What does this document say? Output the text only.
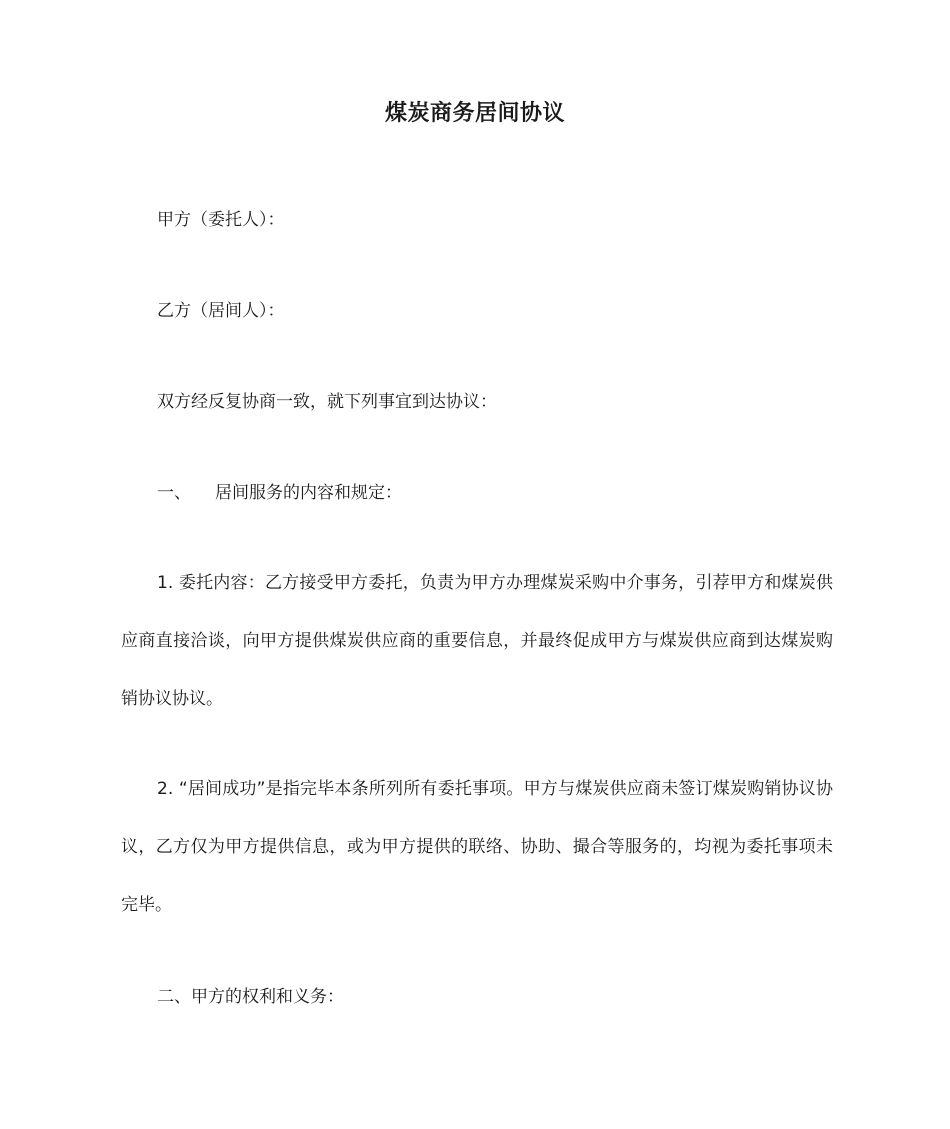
煤炭商务居间协议
甲方（委托人）：
乙方（居间人）：
双方经反复协商一致，就下列事宜到达协议：
一、 居间服务的内容和规定：

1. 委托内容：乙方接受甲方委托，负责为甲方办理煤炭采购中介事务，引荐甲方和煤炭供应商直接洽谈，向甲方提供煤炭供应商的重要信息，并最终促成甲方与煤炭供应商到达煤炭购销协议协议。

2. “居间成功”是指完毕本条所列所有委托事项。甲方与煤炭供应商未签订煤炭购销协议协议，乙方仅为甲方提供信息，或为甲方提供的联络、协助、撮合等服务的，均视为委托事项未完毕。

二、甲方的权利和义务：
